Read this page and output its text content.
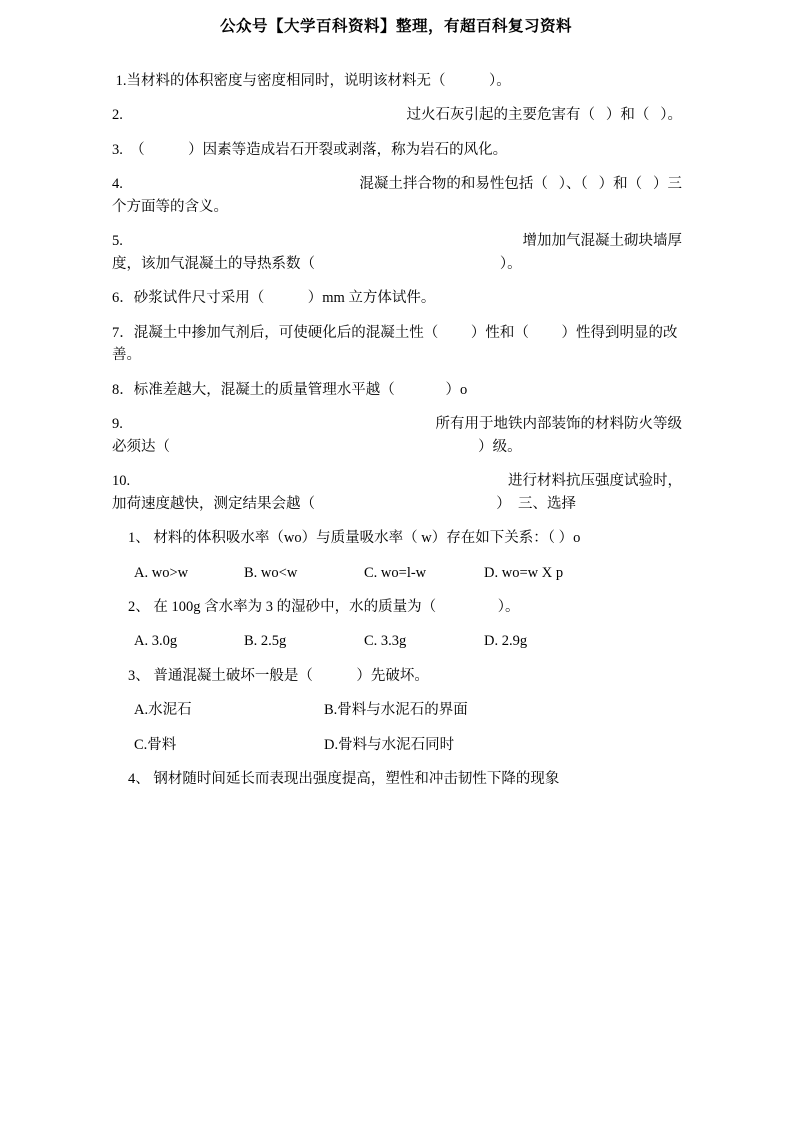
公众号【大学百科资料】整理，有超百科复习资料
1.当材料的体积密度与密度相同时，说明该材料无（            ）。
2.	过火石灰引起的主要危害有（   ）和（   ）。
3.  （            ）因素等造成岩石开裂或剥落，称为岩石的风化。
4.	混凝土拌合物的和易性包括（   ）、（   ）和（   ）三
个方面等的含义。
5.	增加加气混凝土砌块墙厚
度，该加气混凝土的导热系数（                                                   ）。
6．砂浆试件尺寸采用（            ）mm 立方体试件。
7．混凝土中掺加气剂后，可使硬化后的混凝土性（         ）性和（         ）性得到明显的改
善。
8．标准差越大，混凝土的质量管理水平越（              ）o
9.	所有用于地铁内部装饰的材料防火等级
必须达（                                                                                     ）级。
10.	进行材料抗压强度试验时，
加荷速度越快，测定结果会越（                                                  ）  三、选择
1、 材料的体积吸水率（wo）与质量吸水率（ w）存在如下关系：（ ）o
A. wo>w	B. wo<w	C. wo=l-w	D. wo=w X p
2、 在 100g 含水率为 3 的湿砂中，水的质量为（                 ）。
A. 3.0g	B. 2.5g	C. 3.3g	D. 2.9g
3、 普通混凝土破坏一般是（            ）先破坏。
A.水泥石	B.骨料与水泥石的界面
C.骨料	D.骨料与水泥石同时
4、 钢材随时间延长而表现出强度提高，塑性和冲击韧性下降的现象
